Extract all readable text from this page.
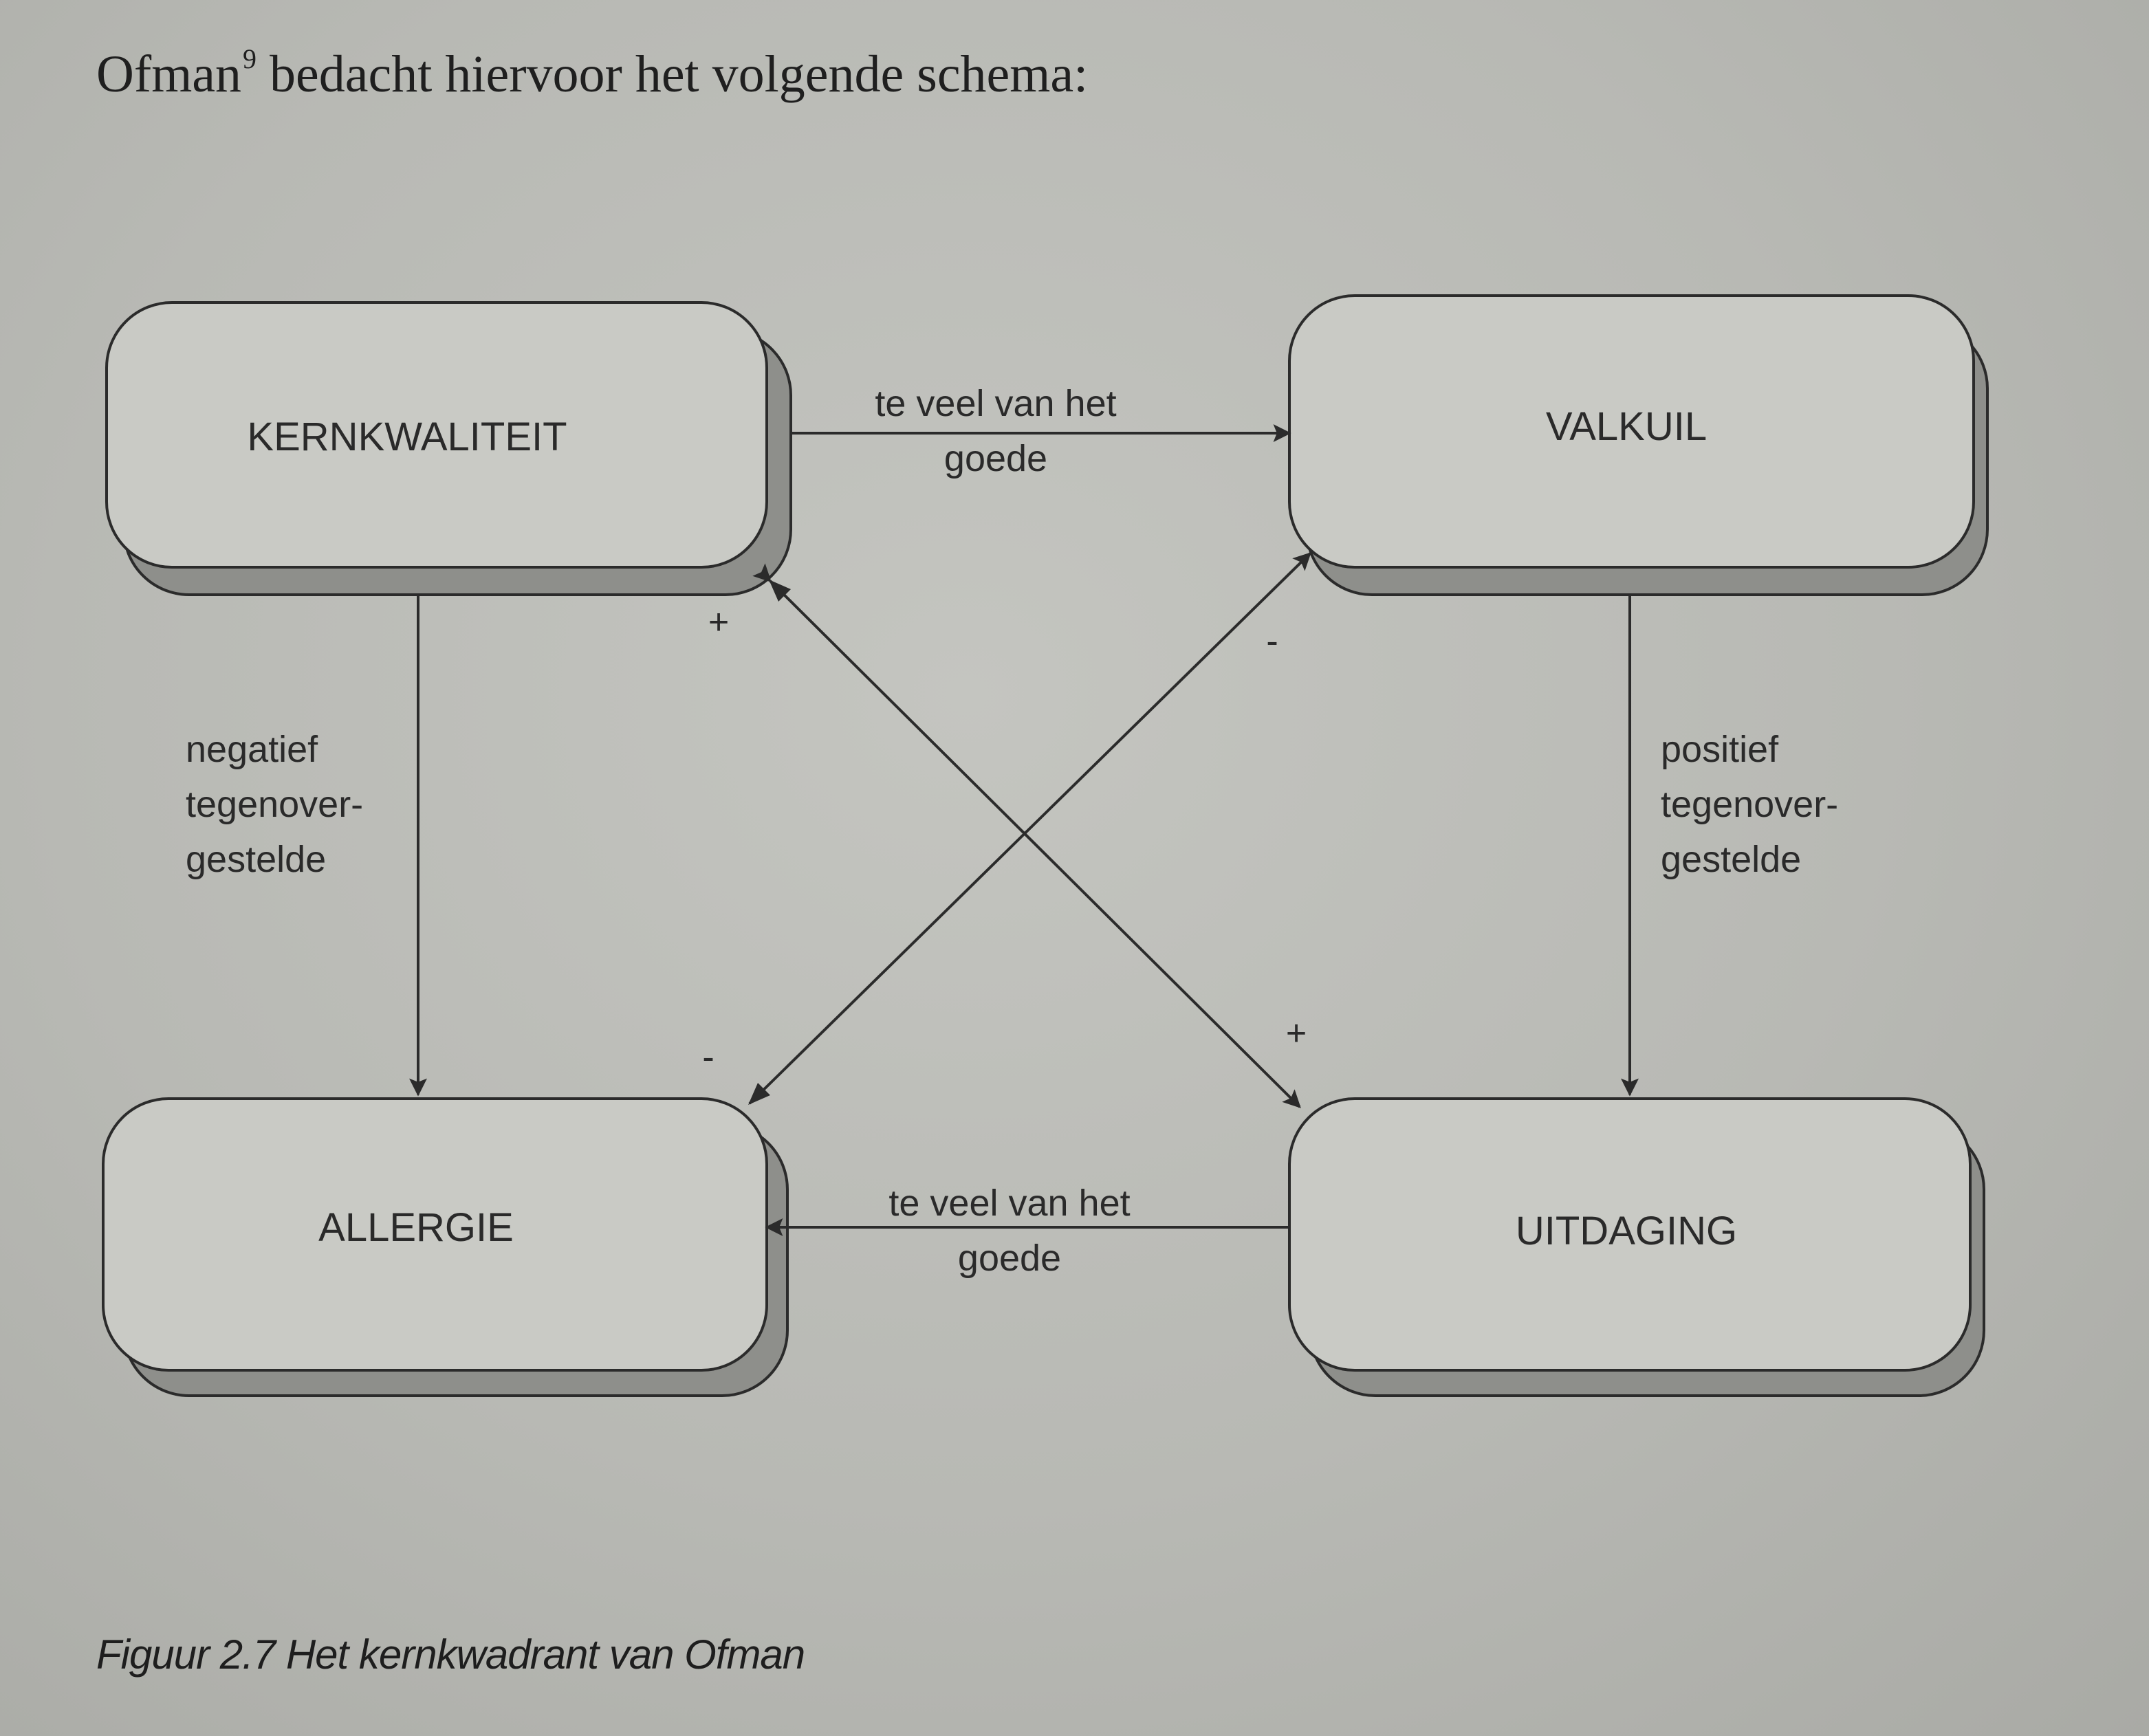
Ofman$^9$ bedacht hiervoor het volgende schema:
KERNKWALITEIT	VALKUIL
ALLERGIE	UITDAGING
te veel van het
goede
te veel van het
goede
negatief
tegenover-
gestelde
positief
tegenover-
gestelde
+	-
-
+
Figuur 2.7 Het kernkwadrant van Ofman
